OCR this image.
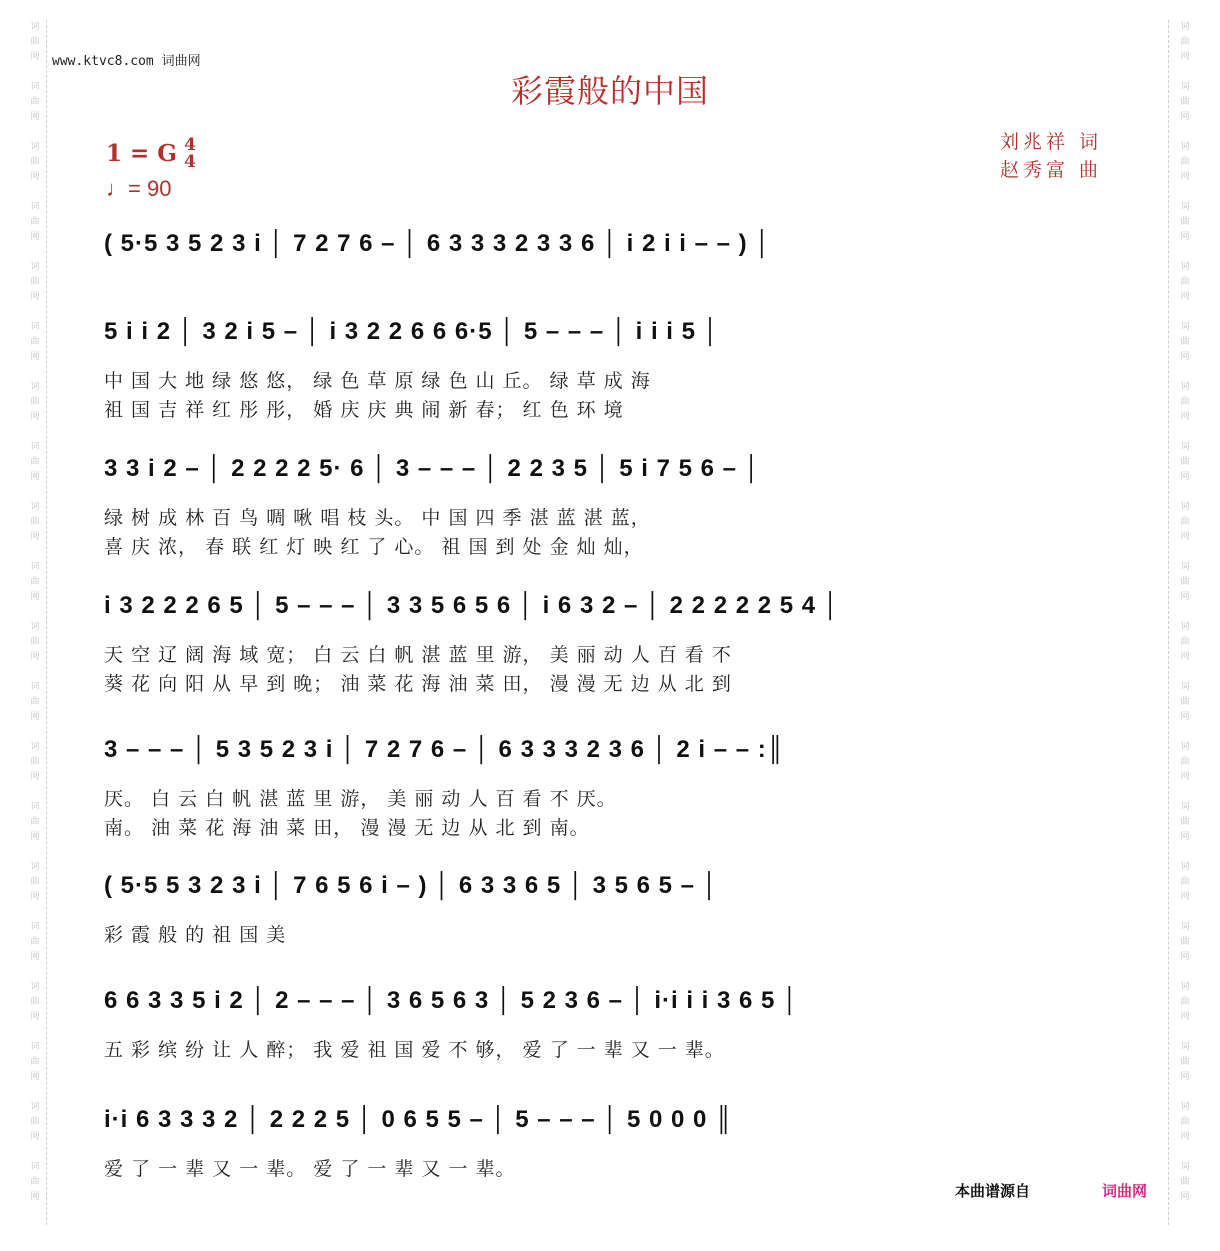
词
曲
网
词
曲
网
词
曲
网
词
曲
网
词
曲
网
词
曲
网
词
曲
网
词
曲
网
词
曲
网
词
曲
网
词
曲
网
词
曲
网
词
曲
网
词
曲
网
词
曲
网
词
曲
网
词
曲
网
词
曲
网
词
曲
网
词
曲
网
词
曲
网
词
曲
网
词
曲
网
词
曲
网
词
曲
网
词
曲
网
词
曲
网
词
曲
网
词
曲
网
词
曲
网
词
曲
网
词
曲
网
词
曲
网
词
曲
网
词
曲
网
词
曲
网
词
曲
网
词
曲
网
词
曲
网
词
曲
网
www.ktvc8.com 词曲网
彩霞般的中国
1 = G 4
4
♩= 90
刘兆祥 词
赵秀富 曲
( 5·5 3 5 2 3 i │ 7 2 7 6 – │ 6 3 3 3 2 3 3 6 │ i 2 i i – – ) │
5 i i 2 │ 3 2 i 5 – │ i 3 2 2 6 6 6·5 │ 5 – – – │ i i i 5 │
中 国 大 地 绿 悠 悠， 绿 色 草 原 绿 色 山 丘。 绿 草 成 海
祖 国 吉 祥 红 彤 彤， 婚 庆 庆 典 闹 新 春； 红 色 环 境
3 3 i 2 – │ 2 2 2 2 5· 6 │ 3 – – – │ 2 2 3 5 │ 5 i 7 5 6 – │
绿 树 成 林 百 鸟 啁 啾 唱 枝 头。 中 国 四 季 湛 蓝 湛 蓝，
喜 庆 浓， 春 联 红 灯 映 红 了 心。 祖 国 到 处 金 灿 灿，
i 3 2 2 2 6 5 │ 5 – – – │ 3 3 5 6 5 6 │ i 6 3 2 – │ 2 2 2 2 2 5 4 │
天 空 辽 阔 海 域 宽； 白 云 白 帆 湛 蓝 里 游， 美 丽 动 人 百 看 不
葵 花 向 阳 从 早 到 晚； 油 菜 花 海 油 菜 田， 漫 漫 无 边 从 北 到
3 – – – │ 5 3 5 2 3 i │ 7 2 7 6 – │ 6 3 3 3 2 3 6 │ 2 i – – :║
厌。 白 云 白 帆 湛 蓝 里 游， 美 丽 动 人 百 看 不 厌。
南。 油 菜 花 海 油 菜 田， 漫 漫 无 边 从 北 到 南。
( 5·5 5 3 2 3 i │ 7 6 5 6 i – ) │ 6 3 3 6 5 │ 3 5 6 5 – │
彩 霞 般 的 祖 国 美
6 6 3 3 5 i 2 │ 2 – – – │ 3 6 5 6 3 │ 5 2 3 6 – │ i·i i i 3 6 5 │
五 彩 缤 纷 让 人 醉； 我 爱 祖 国 爱 不 够， 爱 了 一 辈 又 一 辈。
i·i 6 3 3 3 2 │ 2 2 2 5 │ 0 6 5 5 – │ 5 – – – │ 5 0 0 0 ║
爱 了 一 辈 又 一 辈。 爱 了 一 辈 又 一 辈。
本曲谱源自	词曲网
